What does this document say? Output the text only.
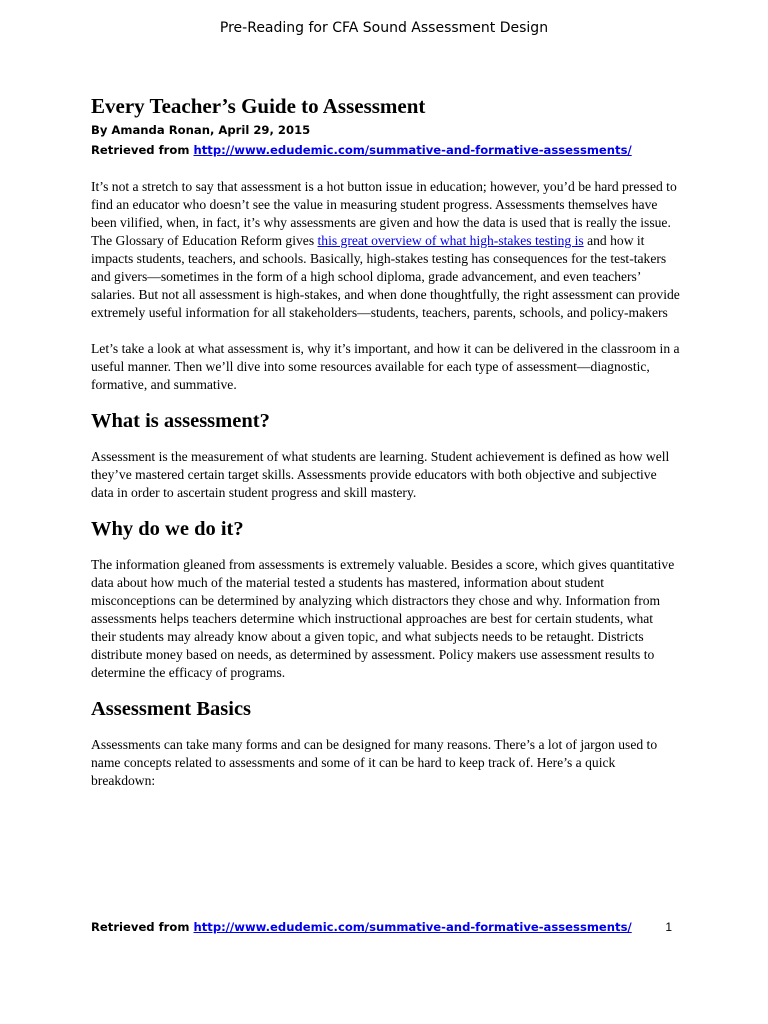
Pre-Reading for CFA Sound Assessment Design
Every Teacher’s Guide to Assessment
By Amanda Ronan, April 29, 2015
Retrieved from http://www.edudemic.com/summative-and-formative-assessments/

It’s not a stretch to say that assessment is a hot button issue in education; however, you’d be hard pressed to find an educator who doesn’t see the value in measuring student progress. Assessments themselves have been vilified, when, in fact, it’s why assessments are given and how the data is used that is really the issue. The Glossary of Education Reform gives this great overview of what high-stakes testing is and how it impacts students, teachers, and schools. Basically, high-stakes testing has consequences for the test-takers and givers—sometimes in the form of a high school diploma, grade advancement, and even teachers’ salaries. But not all assessment is high-stakes, and when done thoughtfully, the right assessment can provide extremely useful information for all stakeholders—students, teachers, parents, schools, and policy-makers

Let’s take a look at what assessment is, why it’s important, and how it can be delivered in the classroom in a useful manner. Then we’ll dive into some resources available for each type of assessment—diagnostic, formative, and summative.

What is assessment?

Assessment is the measurement of what students are learning. Student achievement is defined as how well they’ve mastered certain target skills. Assessments provide educators with both objective and subjective data in order to ascertain student progress and skill mastery.

Why do we do it?

The information gleaned from assessments is extremely valuable. Besides a score, which gives quantitative data about how much of the material tested a students has mastered, information about student misconceptions can be determined by analyzing which distractors they chose and why. Information from assessments helps teachers determine which instructional approaches are best for certain students, what their students may already know about a given topic, and what subjects needs to be retaught. Districts distribute money based on needs, as determined by assessment. Policy makers use assessment results to determine the efficacy of programs.

Assessment Basics

Assessments can take many forms and can be designed for many reasons. There’s a lot of jargon used to name concepts related to assessments and some of it can be hard to keep track of. Here’s a quick breakdown:

Retrieved from http://www.edudemic.com/summative-and-formative-assessments/	1
